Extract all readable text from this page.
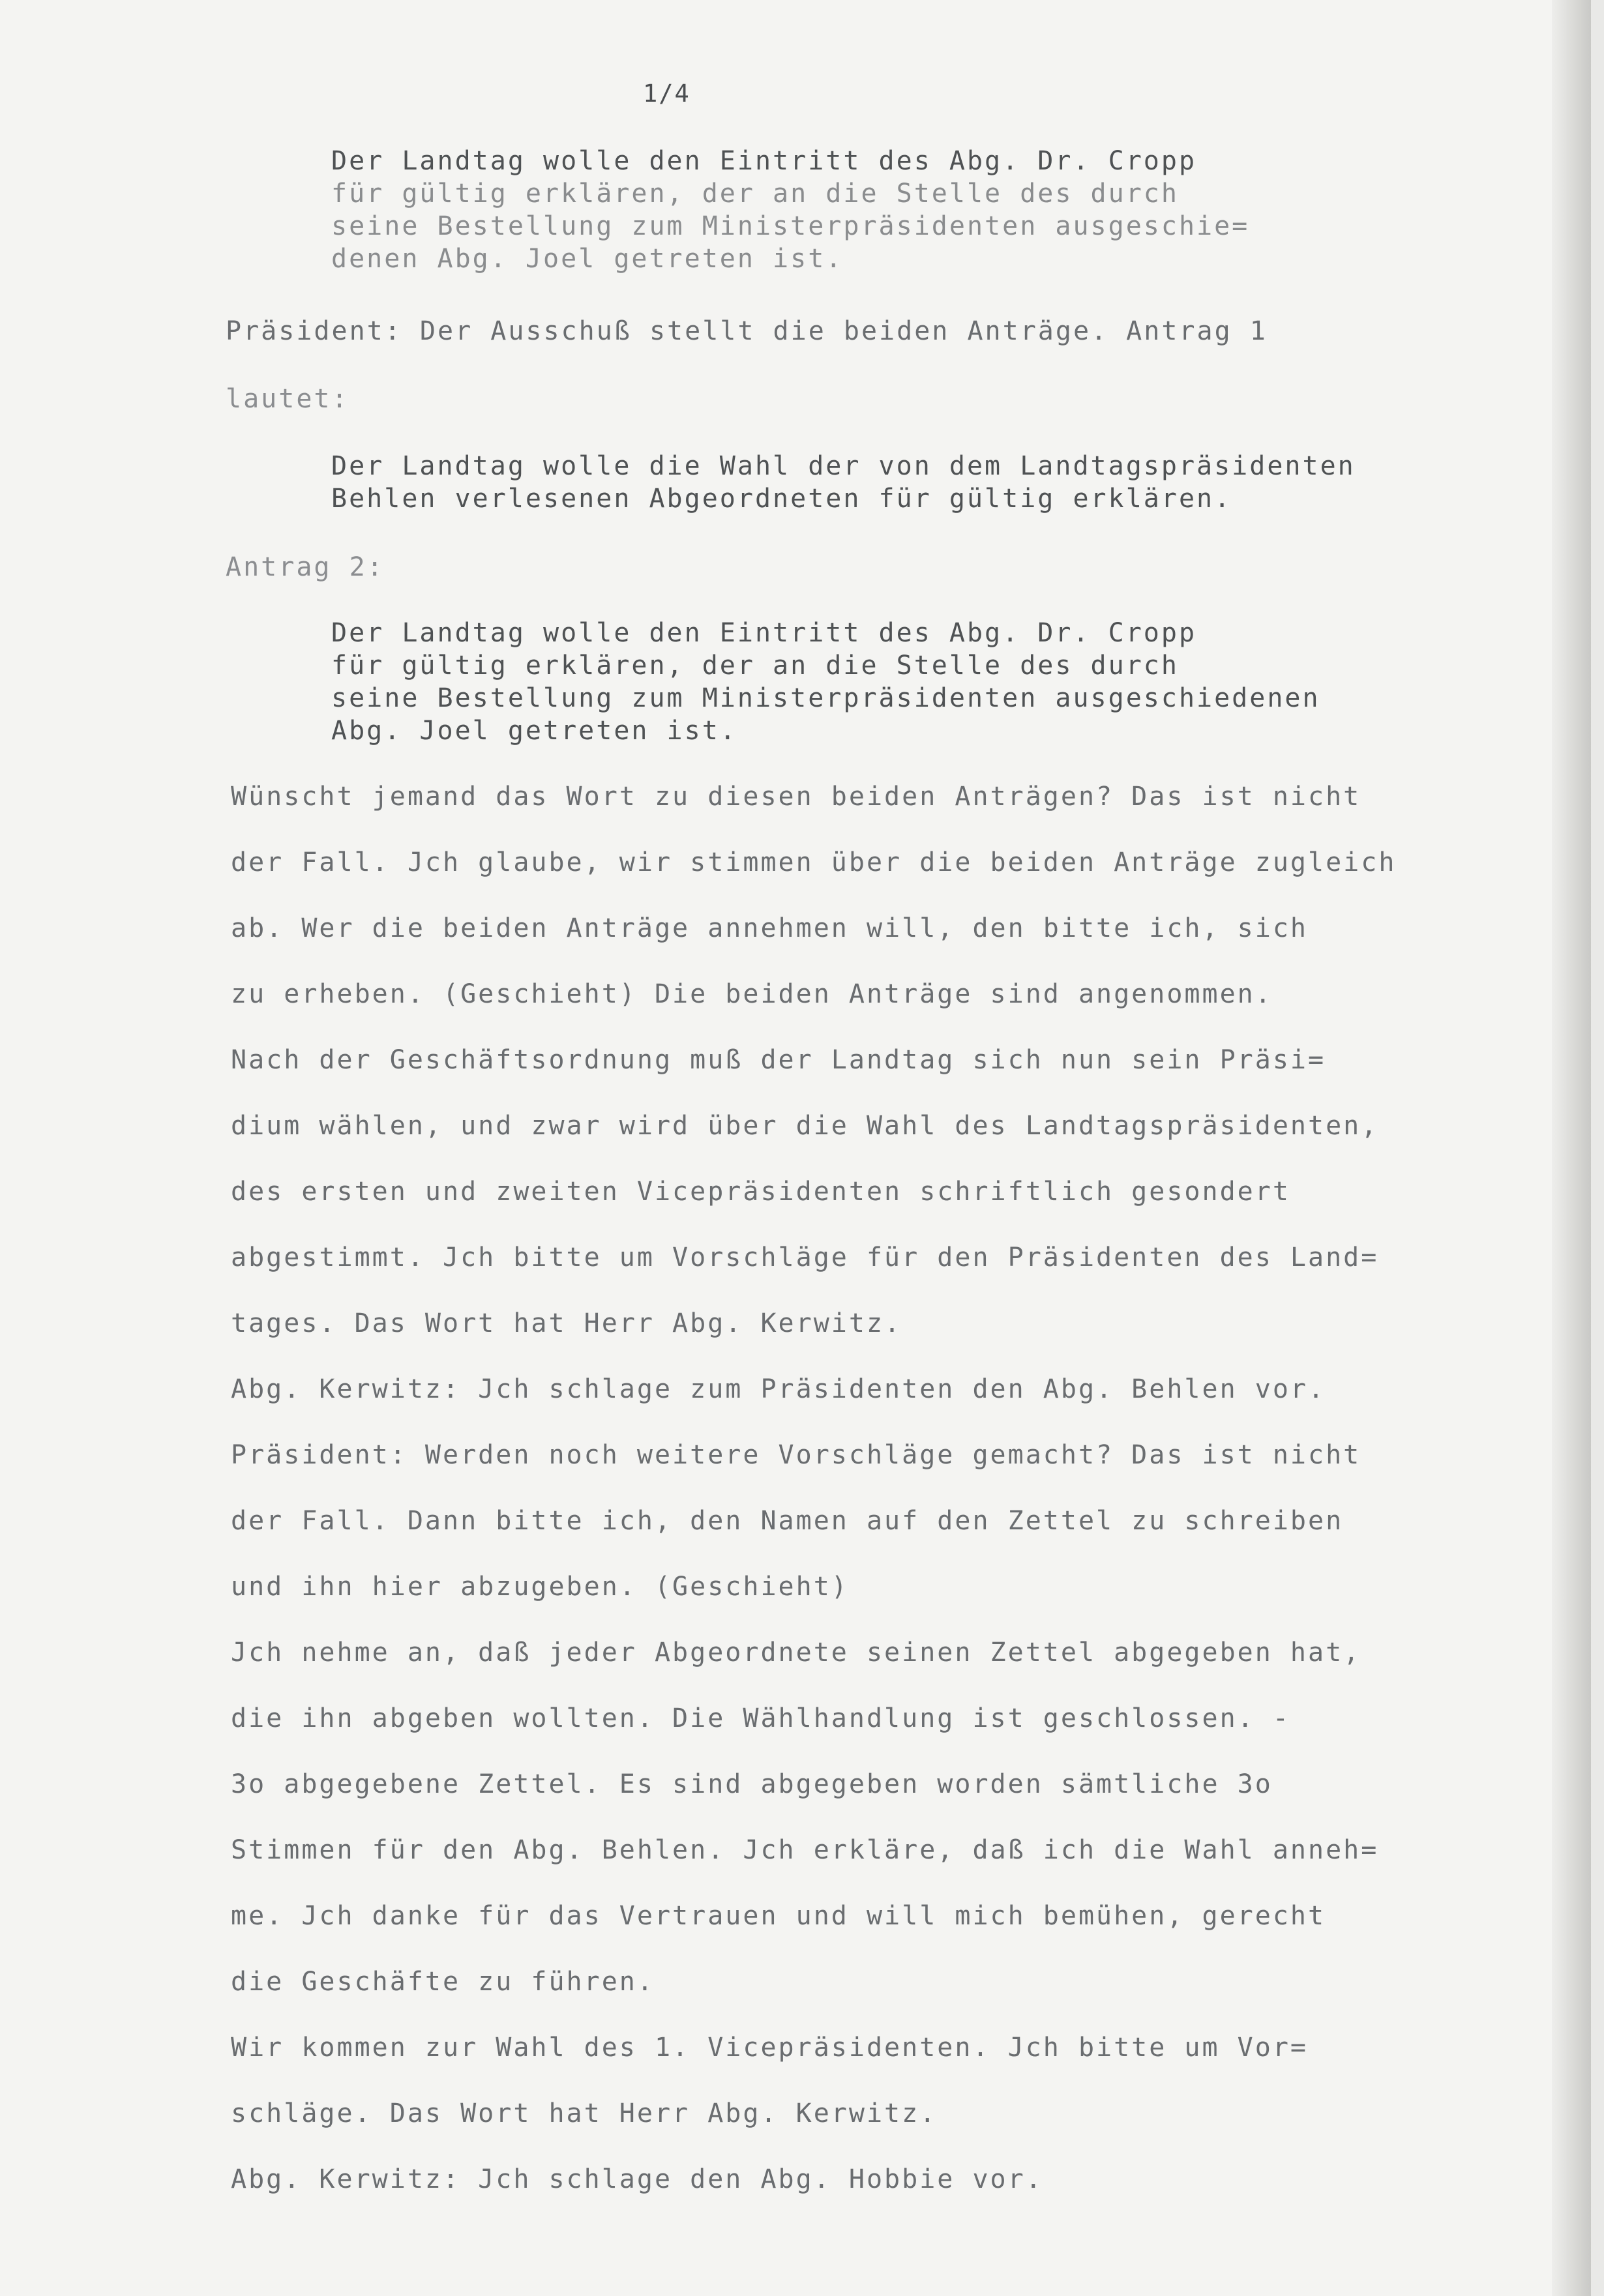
1/4
Der Landtag wolle den Eintritt des Abg. Dr. Cropp
für gültig erklären, der an die Stelle des durch
seine Bestellung zum Ministerpräsidenten ausgeschie=
denen Abg. Joel getreten ist.
Präsident: Der Ausschuß stellt die beiden Anträge. Antrag 1
lautet:
Der Landtag wolle die Wahl der von dem Landtagspräsidenten
Behlen verlesenen Abgeordneten für gültig erklären.
Antrag 2:
Der Landtag wolle den Eintritt des Abg. Dr. Cropp
für gültig erklären, der an die Stelle des durch
seine Bestellung zum Ministerpräsidenten ausgeschiedenen
Abg. Joel getreten ist.
Wünscht jemand das Wort zu diesen beiden Anträgen? Das ist nicht
der Fall. Jch glaube, wir stimmen über die beiden Anträge zugleich
ab. Wer die beiden Anträge annehmen will, den bitte ich, sich
zu erheben. (Geschieht) Die beiden Anträge sind angenommen.
Nach der Geschäftsordnung muß der Landtag sich nun sein Präsi=
dium wählen, und zwar wird über die Wahl des Landtagspräsidenten,
des ersten und zweiten Vicepräsidenten schriftlich gesondert
abgestimmt. Jch bitte um Vorschläge für den Präsidenten des Land=
tages. Das Wort hat Herr Abg. Kerwitz.
Abg. Kerwitz: Jch schlage zum Präsidenten den Abg. Behlen vor.
Präsident: Werden noch weitere Vorschläge gemacht? Das ist nicht
der Fall. Dann bitte ich, den Namen auf den Zettel zu schreiben
und ihn hier abzugeben. (Geschieht)
Jch nehme an, daß jeder Abgeordnete seinen Zettel abgegeben hat,
die ihn abgeben wollten. Die Wählhandlung ist geschlossen. -
3o abgegebene Zettel. Es sind abgegeben worden sämtliche 3o
Stimmen für den Abg. Behlen. Jch erkläre, daß ich die Wahl anneh=
me. Jch danke für das Vertrauen und will mich bemühen, gerecht
die Geschäfte zu führen.
Wir kommen zur Wahl des 1. Vicepräsidenten. Jch bitte um Vor=
schläge. Das Wort hat Herr Abg. Kerwitz.
Abg. Kerwitz: Jch schlage den Abg. Hobbie vor.
